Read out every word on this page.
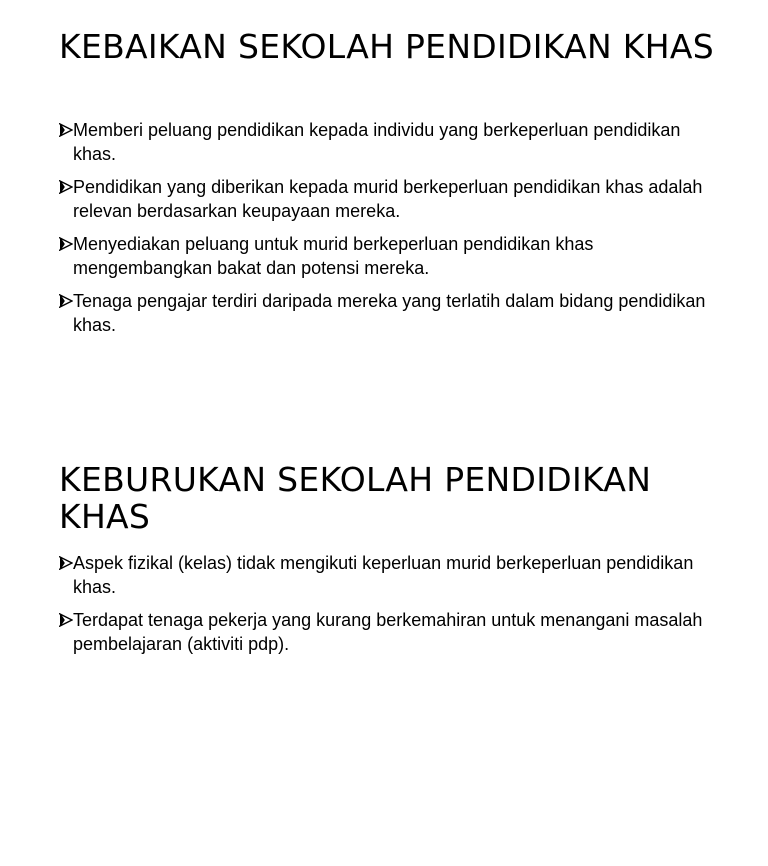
KEBAIKAN SEKOLAH PENDIDIKAN KHAS
Memberi peluang pendidikan kepada individu yang berkeperluan pendidikan khas.
Pendidikan yang diberikan kepada murid berkeperluan pendidikan khas adalah relevan berdasarkan keupayaan mereka.
Menyediakan peluang untuk murid berkeperluan pendidikan khas mengembangkan bakat dan potensi mereka.
Tenaga pengajar terdiri daripada mereka yang terlatih dalam bidang pendidikan khas.
KEBURUKAN SEKOLAH PENDIDIKAN KHAS
Aspek fizikal (kelas) tidak mengikuti keperluan murid berkeperluan pendidikan khas.
Terdapat tenaga pekerja yang kurang berkemahiran untuk menangani masalah pembelajaran (aktiviti pdp).
